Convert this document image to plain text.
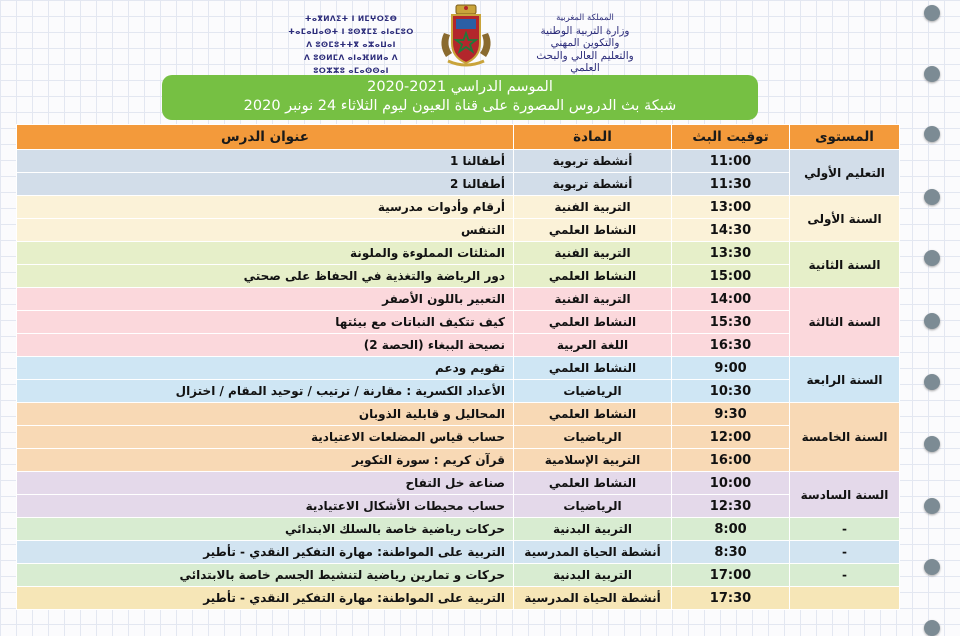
ⵜⴰⴳⵍⴷⵉⵜ ⵏ ⵍⵎⵖⵔⵉⴱ
ⵜⴰⵎⴰⵡⴰⵙⵜ ⵏ ⵓⵙⴳⵎⵉ ⴰⵏⴰⵎⵓⵔ
ⴷ ⵓⵙⵎⵓⵜⵜⴳ ⴰⵣⴰⵡⴰⵏ
ⴷ ⵓⵙⵍⵎⴷ ⴰⵏⴰⴼⵍⵍⴰ ⴷ ⵓⵔⵣⵣⵓ ⴰⵎⴰⵙⵙⴰⵏ
المملكة المغربية
وزارة التربية الوطنية
والتكوين المهني
والتعليم العالي والبحث العلمي
الموسم الدراسي 2021-2020
شبكة بث الدروس المصورة على قناة العيون ليوم الثلاثاء 24 نونبر 2020
المستوى	توقيت البث	المادة	عنوان الدرس
التعليم الأولي	11:00	أنشطة تربوية	أطفالنا 1
	11:30	أنشطة تربوية	أطفالنا 2
السنة الأولى	13:00	التربية الفنية	أرقام وأدوات مدرسية
	14:30	النشاط العلمي	التنفس
السنة الثانية	13:30	التربية الفنية	المثلثات المملوءة والملونة
	15:00	النشاط العلمي	دور الرياضة والتغذية في الحفاظ على صحتي
السنة الثالثة	14:00	التربية الفنية	التعبير باللون الأصفر
	15:30	النشاط العلمي	كيف تتكيف النباتات مع بيئتها
	16:30	اللغة العربية	نصيحة الببغاء (الحصة 2)
السنة الرابعة	9:00	النشاط العلمي	تقويم ودعم
	10:30	الرياضيات	الأعداد الكسرية : مقارنة / ترتيب / توحيد المقام / اختزال
السنة الخامسة	9:30	النشاط العلمي	المحاليل و قابلية الذوبان
	12:00	الرياضيات	حساب قياس المضلعات الاعتيادية
	16:00	التربية الإسلامية	قرآن كريم : سورة التكوير
السنة السادسة	10:00	النشاط العلمي	صناعة خل التفاح
	12:30	الرياضيات	حساب محيطات الأشكال الاعتيادية
-	8:00	التربية البدنية	حركات رياضية خاصة بالسلك الابتدائي
-	8:30	أنشطة الحياة المدرسية	التربية على المواطنة: مهارة التفكير النقدي - تأطير
-	17:00	التربية البدنية	حركات و تمارين رياضية لتنشيط الجسم خاصة بالابتدائي
	17:30	أنشطة الحياة المدرسية	التربية على المواطنة: مهارة التفكير النقدي - تأطير
